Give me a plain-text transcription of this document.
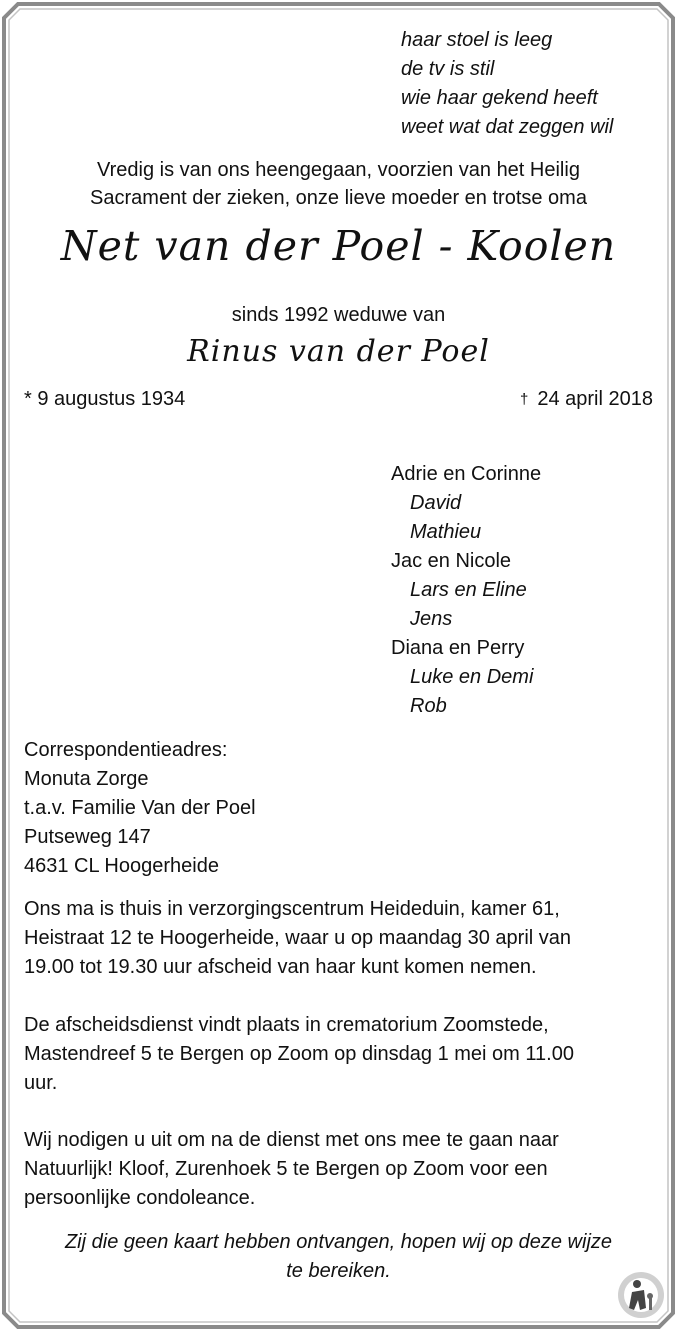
haar stoel is leeg
de tv is stil
wie haar gekend heeft
weet wat dat zeggen wil
Vredig is van ons heengegaan, voorzien van het Heilig
Sacrament der zieken, onze lieve moeder en trotse oma
Net van der Poel - Koolen
sinds 1992 weduwe van
Rinus van der Poel
* 9 augustus 1934	† 24 april 2018
Adrie en Corinne
David
Mathieu
Jac en Nicole
Lars en Eline
Jens
Diana en Perry
Luke en Demi
Rob
Correspondentieadres:
Monuta Zorge
t.a.v. Familie Van der Poel
Putseweg 147
4631 CL Hoogerheide
Ons ma is thuis in verzorgingscentrum Heideduin, kamer 61,
Heistraat 12 te Hoogerheide, waar u op maandag 30 april van
19.00 tot 19.30 uur afscheid van haar kunt komen nemen.
De afscheidsdienst vindt plaats in crematorium Zoomstede,
Mastendreef 5 te Bergen op Zoom op dinsdag 1 mei om 11.00
uur.
Wij nodigen u uit om na de dienst met ons mee te gaan naar
Natuurlijk! Kloof, Zurenhoek 5 te Bergen op Zoom voor een
persoonlijke condoleance.
Zij die geen kaart hebben ontvangen, hopen wij op deze wijze
te bereiken.
